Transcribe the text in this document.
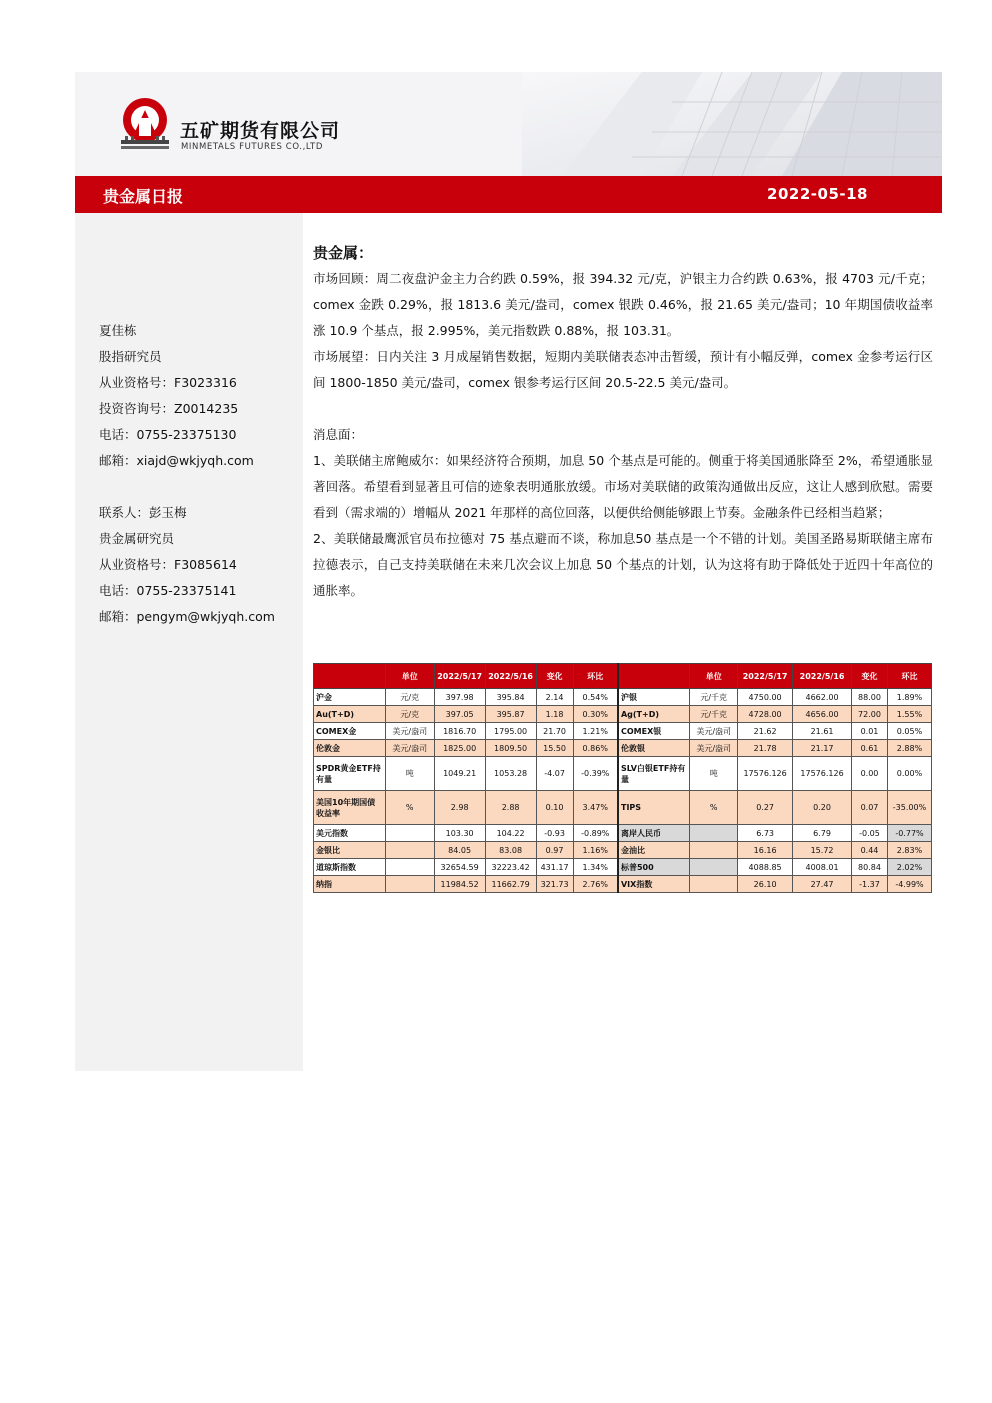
五矿期货有限公司
MINMETALS FUTURES CO.,LTD
贵金属日报	2022-05-18
夏佳栋
股指研究员
从业资格号：F3023316
投资咨询号：Z0014235
电话：0755-23375130
邮箱：xiajd@wkjyqh.com
联系人：彭玉梅
贵金属研究员
从业资格号：F3085614
电话：0755-23375141
邮箱：pengym@wkjyqh.com
贵金属：

市场回顾：周二夜盘沪金主力合约跌 0.59%，报 394.32 元/克，沪银主力合约跌 0.63%，报 4703 元/千克；comex 金跌 0.29%，报 1813.6 美元/盎司，comex 银跌 0.46%，报 21.65 美元/盎司；10 年期国债收益率涨 10.9 个基点，报 2.995%，美元指数跌 0.88%，报 103.31。

市场展望：日内关注 3 月成屋销售数据，短期内美联储表态冲击暂缓，预计有小幅反弹，comex 金参考运行区间 1800-1850 美元/盎司，comex 银参考运行区间 20.5-22.5 美元/盎司。

消息面：

1、美联储主席鲍威尔：如果经济符合预期，加息 50 个基点是可能的。侧重于将美国通胀降至 2%，希望通胀显著回落。希望看到显著且可信的迹象表明通胀放缓。市场对美联储的政策沟通做出反应，这让人感到欣慰。需要看到（需求端的）增幅从 2021 年那样的高位回落，以便供给侧能够跟上节奏。金融条件已经相当趋紧；

2、美联储最鹰派官员布拉德对 75 基点避而不谈，称加息50 基点是一个不错的计划。美国圣路易斯联储主席布拉德表示，自己支持美联储在未来几次会议上加息 50 个基点的计划，认为这将有助于降低处于近四十年高位的通胀率。

	单位	2022/5/17	2022/5/16	变化	环比		单位	2022/5/17	2022/5/16	变化	环比
沪金	元/克	397.98	395.84	2.14	0.54%	沪银	元/千克	4750.00	4662.00	88.00	1.89%
Au(T+D)	元/克	397.05	395.87	1.18	0.30%	Ag(T+D)	元/千克	4728.00	4656.00	72.00	1.55%
COMEX金	美元/盎司	1816.70	1795.00	21.70	1.21%	COMEX银	美元/盎司	21.62	21.61	0.01	0.05%
伦敦金	美元/盎司	1825.00	1809.50	15.50	0.86%	伦敦银	美元/盎司	21.78	21.17	0.61	2.88%
SPDR黄金ETF持有量	吨	1049.21	1053.28	-4.07	-0.39%	SLV白银ETF持有量	吨	17576.126	17576.126	0.00	0.00%
美国10年期国债收益率	%	2.98	2.88	0.10	3.47%	TIPS	%	0.27	0.20	0.07	-35.00%
美元指数		103.30	104.22	-0.93	-0.89%	离岸人民币		6.73	6.79	-0.05	-0.77%
金银比		84.05	83.08	0.97	1.16%	金油比		16.16	15.72	0.44	2.83%
道琼斯指数		32654.59	32223.42	431.17	1.34%	标普500		4088.85	4008.01	80.84	2.02%
纳指		11984.52	11662.79	321.73	2.76%	VIX指数		26.10	27.47	-1.37	-4.99%
